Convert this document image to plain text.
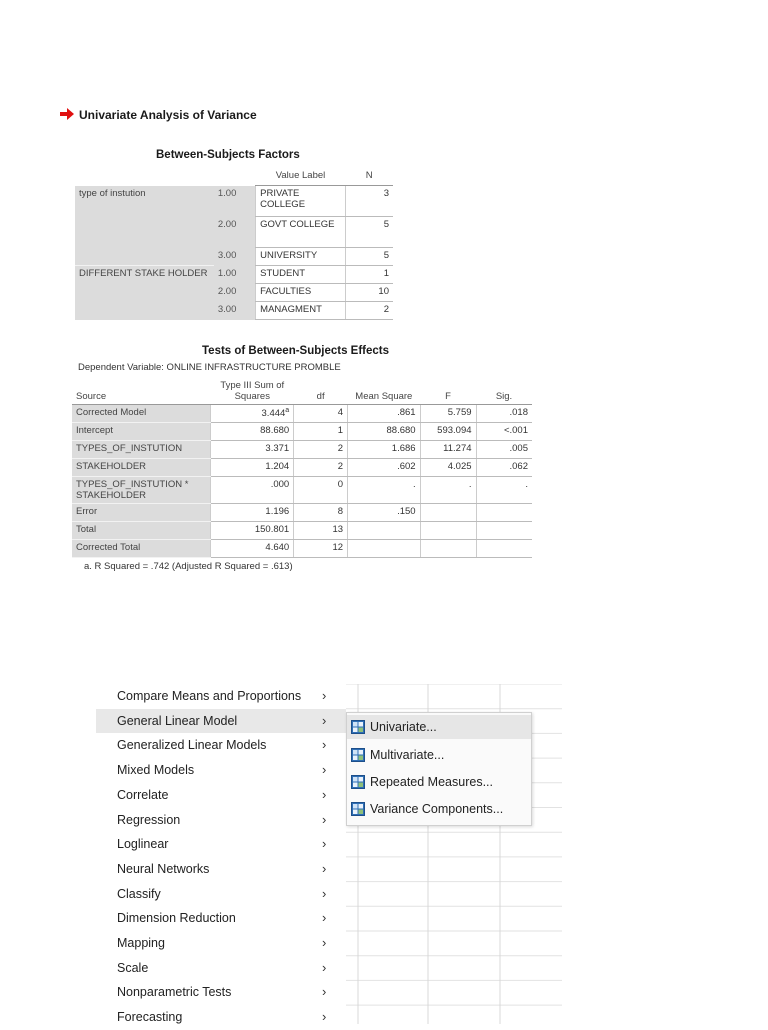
Univariate Analysis of Variance
Between-Subjects Factors
		Value Label	N
type of instution	1.00	PRIVATE COLLEGE	3
	2.00	GOVT COLLEGE	5
	3.00	UNIVERSITY	5
DIFFERENT STAKE HOLDER	1.00	STUDENT	1
	2.00	FACULTIES	10
	3.00	MANAGMENT	2
Tests of Between-Subjects Effects
Dependent Variable: ONLINE INFRASTRUCTURE PROMBLE
Source	Type III Sum of Squares	df	Mean Square	F	Sig.
Corrected Model	3.444$^a$	4	.861	5.759	.018
Intercept	88.680	1	88.680	593.094	<.001
TYPES_OF_INSTUTION	3.371	2	1.686	11.274	.005
STAKEHOLDER	1.204	2	.602	4.025	.062
TYPES_OF_INSTUTION * STAKEHOLDER	.000	0	.	.	.
Error	1.196	8	.150		
Total	150.801	13			
Corrected Total	4.640	12			
a. R Squared = .742 (Adjusted R Squared = .613)
Compare Means and Proportions ›
General Linear Model	›
Generalized Linear Models	›
Mixed Models	›
Correlate	›
Regression	›
Loglinear	›
Neural Networks	›
Classify	›
Dimension Reduction	›
Mapping	›
Scale	›
Nonparametric Tests	›
Forecasting	›
Univariate...
Multivariate...
Repeated Measures...
Variance Components...
